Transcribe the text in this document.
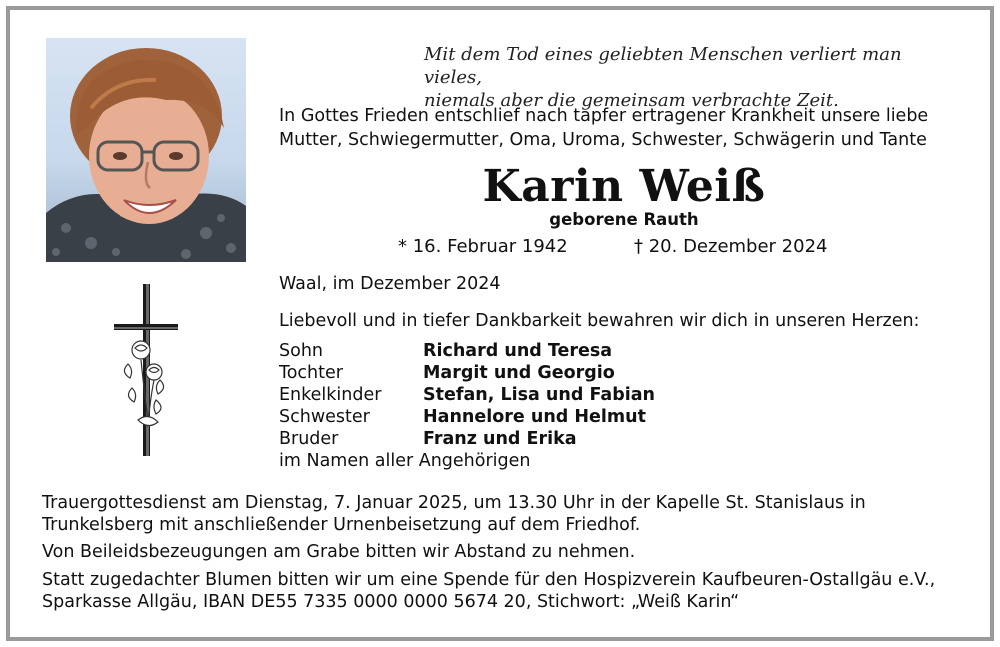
Mit dem Tod eines geliebten Menschen verliert man vieles,
niemals aber die gemeinsam verbrachte Zeit.
In Gottes Frieden entschlief nach tapfer ertragener Krankheit unsere liebe
Mutter, Schwiegermutter, Oma, Uroma, Schwester, Schwägerin und Tante
Karin Weiß
geborene Rauth
* 16. Februar 1942	† 20. Dezember 2024
Waal, im Dezember 2024
Liebevoll und in tiefer Dankbarkeit bewahren wir dich in unseren Herzen:
Sohn	Richard und Teresa
Tochter	Margit und Georgio
Enkelkinder	Stefan, Lisa und Fabian
Schwester	Hannelore und Helmut
Bruder	Franz und Erika
im Namen aller Angehörigen
Trauergottesdienst am Dienstag, 7. Januar 2025, um 13.30 Uhr in der Kapelle St. Stanislaus in
Trunkelsberg mit anschließender Urnenbeisetzung auf dem Friedhof.
Von Beileidsbezeugungen am Grabe bitten wir Abstand zu nehmen.
Statt zugedachter Blumen bitten wir um eine Spende für den Hospizverein Kaufbeuren-Ostallgäu e.V.,
Sparkasse Allgäu, IBAN DE55 7335 0000 0000 5674 20, Stichwort: „Weiß Karin“
